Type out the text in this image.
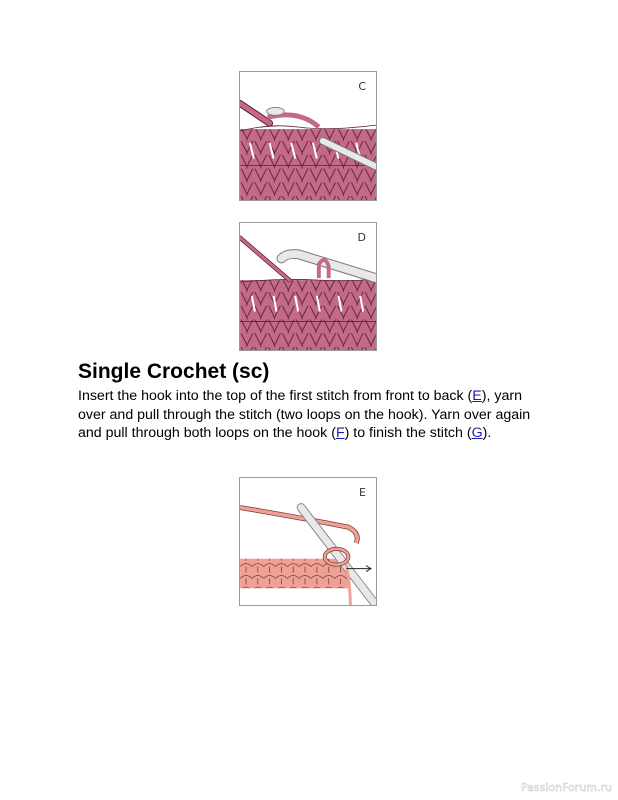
C
D
Single Crochet (sc)

Insert the hook into the top of the first stitch from front to back (E), yarn over and pull through the stitch (two loops on the hook). Yarn over again and pull through both loops on the hook (F) to finish the stitch (G).

E
PassionForum.ru
